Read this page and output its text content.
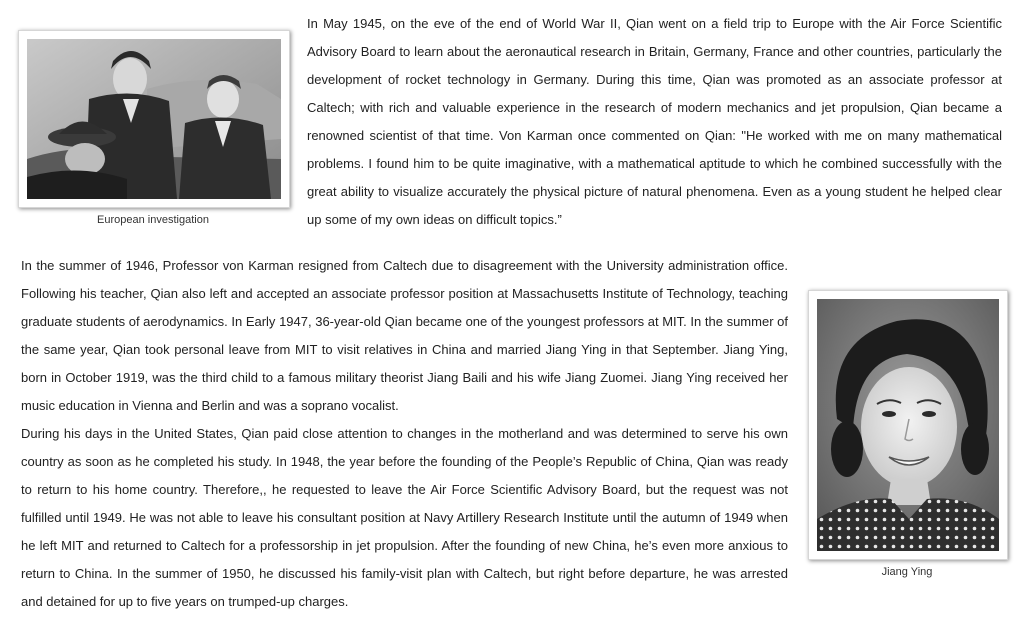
European investigation

In May 1945, on the eve of the end of World War II, Qian went on a field trip to Europe with the Air Force Scientific Advisory Board to learn about the aeronautical research in Britain, Germany, France and other countries, particularly the development of rocket technology in Germany. During this time, Qian was promoted as an associate professor at Caltech; with rich and valuable experience in the research of modern mechanics and jet propulsion, Qian became a renowned scientist of that time. Von Karman once commented on Qian: "He worked with me on many mathematical problems. I found him to be quite imaginative, with a mathematical aptitude to which he combined successfully with the great ability to visualize accurately the physical picture of natural phenomena. Even as a young student he helped clear up some of my own ideas on difficult topics.”

In the summer of 1946, Professor von Karman resigned from Caltech due to disagreement with the University administration office. Following his teacher, Qian also left and accepted an associate professor position at Massachusetts Institute of Technology, teaching graduate students of aerodynamics. In Early 1947, 36-year-old Qian became one of the youngest professors at MIT. In the summer of the same year, Qian took personal leave from MIT to visit relatives in China and married Jiang Ying in that September. Jiang Ying, born in October 1919, was the third child to a famous military theorist Jiang Baili and his wife Jiang Zuomei. Jiang Ying received her music education in Vienna and Berlin and was a soprano vocalist.

During his days in the United States, Qian paid close attention to changes in the motherland and was determined to serve his own country as soon as he completed his study. In 1948, the year before the founding of the People’s Republic of China, Qian was ready to return to his home country. Therefore,, he requested to leave the Air Force Scientific Advisory Board, but the request was not fulfilled until 1949. He was not able to leave his consultant position at Navy Artillery Research Institute until the autumn of 1949 when he left MIT and returned to Caltech for a professorship in jet propulsion. After the founding of new China, he’s even more anxious to return to China. In the summer of 1950, he discussed his family-visit plan with Caltech, but right before departure, he was arrested and detained for up to five years on trumped-up charges.

Jiang Ying
